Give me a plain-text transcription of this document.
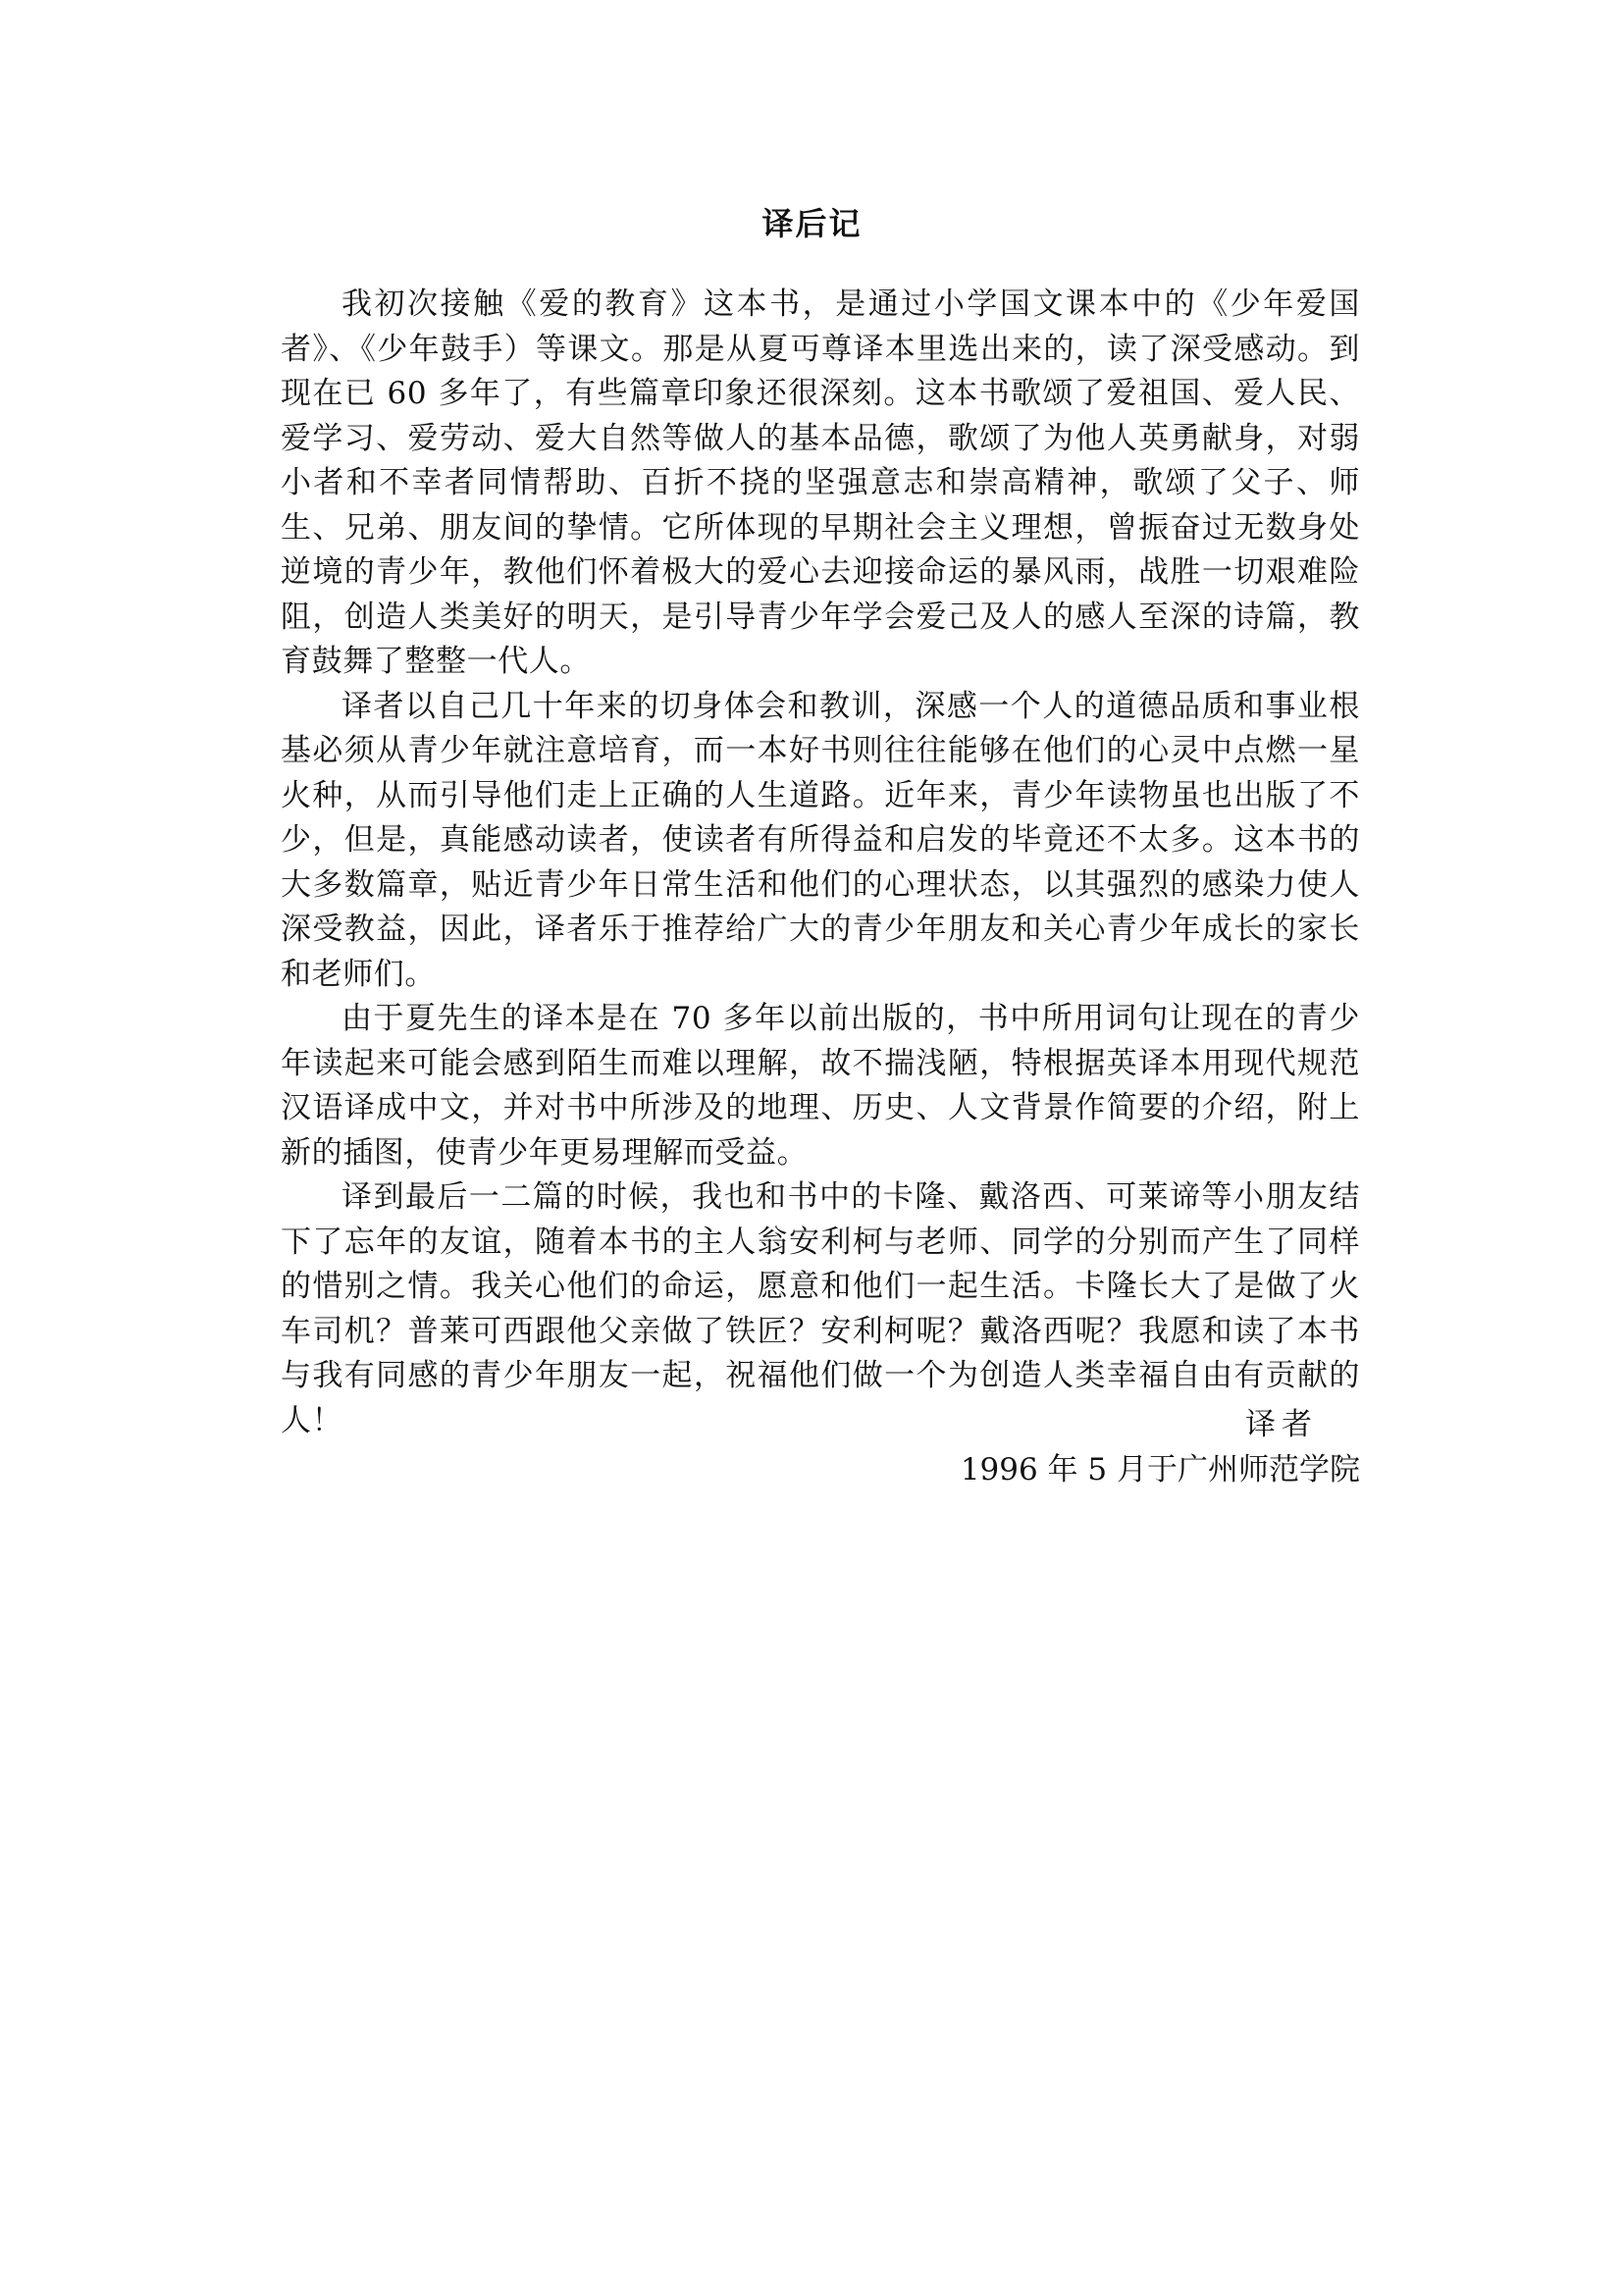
译后记

我初次接触《爱的教育》这本书，是通过小学国文课本中的《少年爱国者》、《少年鼓手）等课文。那是从夏丏尊译本里选出来的，读了深受感动。到现在已 60 多年了，有些篇章印象还很深刻。这本书歌颂了爱祖国、爱人民、爱学习、爱劳动、爱大自然等做人的基本品德，歌颂了为他人英勇献身，对弱小者和不幸者同情帮助、百折不挠的坚强意志和崇高精神，歌颂了父子、师生、兄弟、朋友间的挚情。它所体现的早期社会主义理想，曾振奋过无数身处逆境的青少年，教他们怀着极大的爱心去迎接命运的暴风雨，战胜一切艰难险阻，创造人类美好的明天，是引导青少年学会爱己及人的感人至深的诗篇，教育鼓舞了整整一代人。

译者以自己几十年来的切身体会和教训，深感一个人的道德品质和事业根基必须从青少年就注意培育，而一本好书则往往能够在他们的心灵中点燃一星火种，从而引导他们走上正确的人生道路。近年来，青少年读物虽也出版了不少，但是，真能感动读者，使读者有所得益和启发的毕竟还不太多。这本书的大多数篇章，贴近青少年日常生活和他们的心理状态，以其强烈的感染力使人深受教益，因此，译者乐于推荐给广大的青少年朋友和关心青少年成长的家长和老师们。

由于夏先生的译本是在 70 多年以前出版的，书中所用词句让现在的青少年读起来可能会感到陌生而难以理解，故不揣浅陋，特根据英译本用现代规范汉语译成中文，并对书中所涉及的地理、历史、人文背景作简要的介绍，附上新的插图，使青少年更易理解而受益。

译到最后一二篇的时候，我也和书中的卡隆、戴洛西、可莱谛等小朋友结下了忘年的友谊，随着本书的主人翁安利柯与老师、同学的分别而产生了同样的惜别之情。我关心他们的命运，愿意和他们一起生活。卡隆长大了是做了火车司机？普莱可西跟他父亲做了铁匠？安利柯呢？戴洛西呢？我愿和读了本书与我有同感的青少年朋友一起，祝福他们做一个为创造人类幸福自由有贡献的人！	译者
1996 年 5 月于广州师范学院
